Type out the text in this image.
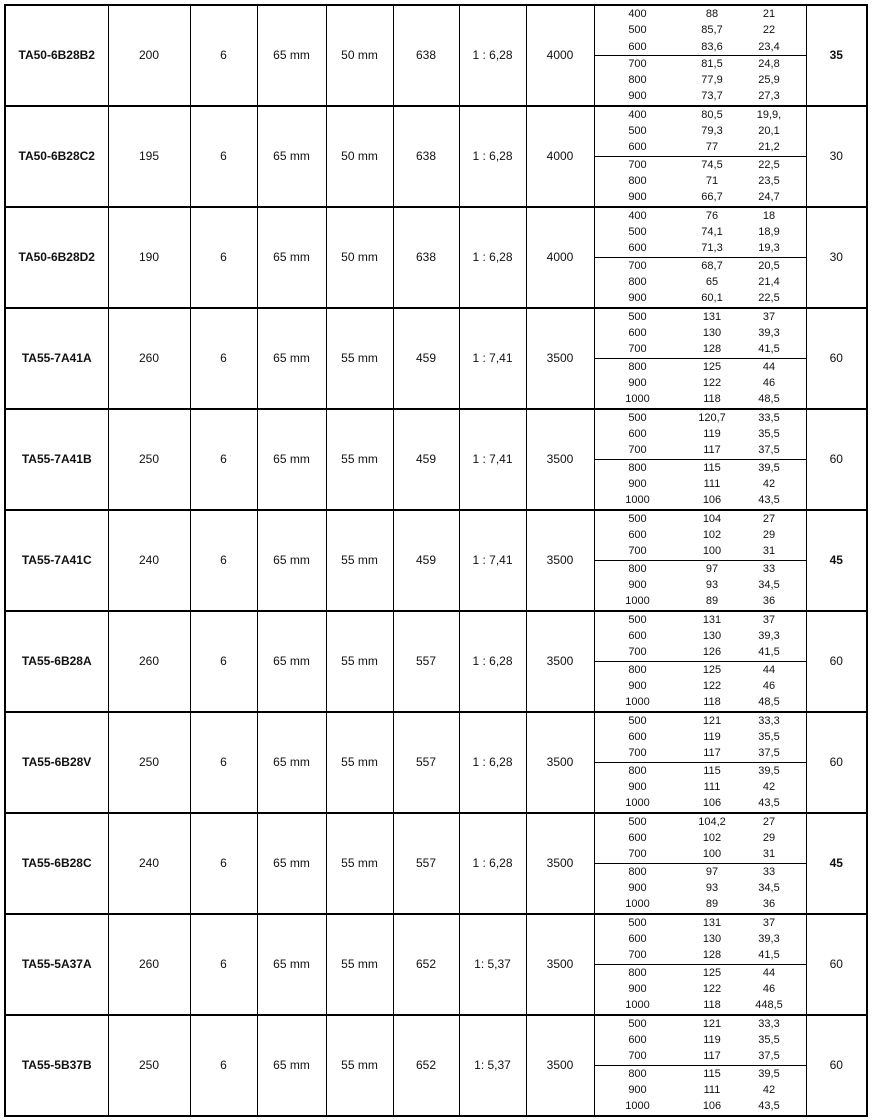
TA50-6B28B2	200	6	65 mm	50 mm	638	1 : 6,28	4000	
400	88	21
500	85,7	22
600	83,6	23,4
700	81,5	24,8
800	77,9	25,9
900	73,7	27,3
	35
TA50-6B28C2	195	6	65 mm	50 mm	638	1 : 6,28	4000	
400	80,5	19,9,
500	79,3	20,1
600	77	21,2
700	74,5	22,5
800	71	23,5
900	66,7	24,7
	30
TA50-6B28D2	190	6	65 mm	50 mm	638	1 : 6,28	4000	
400	76	18
500	74,1	18,9
600	71,3	19,3
700	68,7	20,5
800	65	21,4
900	60,1	22,5
	30
TA55-7A41A	260	6	65 mm	55 mm	459	1 : 7,41	3500	
500	131	37
600	130	39,3
700	128	41,5
800	125	44
900	122	46
1000	118	48,5
	60
TA55-7A41B	250	6	65 mm	55 mm	459	1 : 7,41	3500	
500	120,7	33,5
600	119	35,5
700	117	37,5
800	115	39,5
900	111	42
1000	106	43,5
	60
TA55-7A41C	240	6	65 mm	55 mm	459	1 : 7,41	3500	
500	104	27
600	102	29
700	100	31
800	97	33
900	93	34,5
1000	89	36
	45
TA55-6B28A	260	6	65 mm	55 mm	557	1 : 6,28	3500	
500	131	37
600	130	39,3
700	126	41,5
800	125	44
900	122	46
1000	118	48,5
	60
TA55-6B28V	250	6	65 mm	55 mm	557	1 : 6,28	3500	
500	121	33,3
600	119	35,5
700	117	37,5
800	115	39,5
900	111	42
1000	106	43,5
	60
TA55-6B28C	240	6	65 mm	55 mm	557	1 : 6,28	3500	
500	104,2	27
600	102	29
700	100	31
800	97	33
900	93	34,5
1000	89	36
	45
TA55-5A37A	260	6	65 mm	55 mm	652	1: 5,37	3500	
500	131	37
600	130	39,3
700	128	41,5
800	125	44
900	122	46
1000	118	448,5
	60
TA55-5B37B	250	6	65 mm	55 mm	652	1: 5,37	3500	
500	121	33,3
600	119	35,5
700	117	37,5
800	115	39,5
900	111	42
1000	106	43,5
	60
